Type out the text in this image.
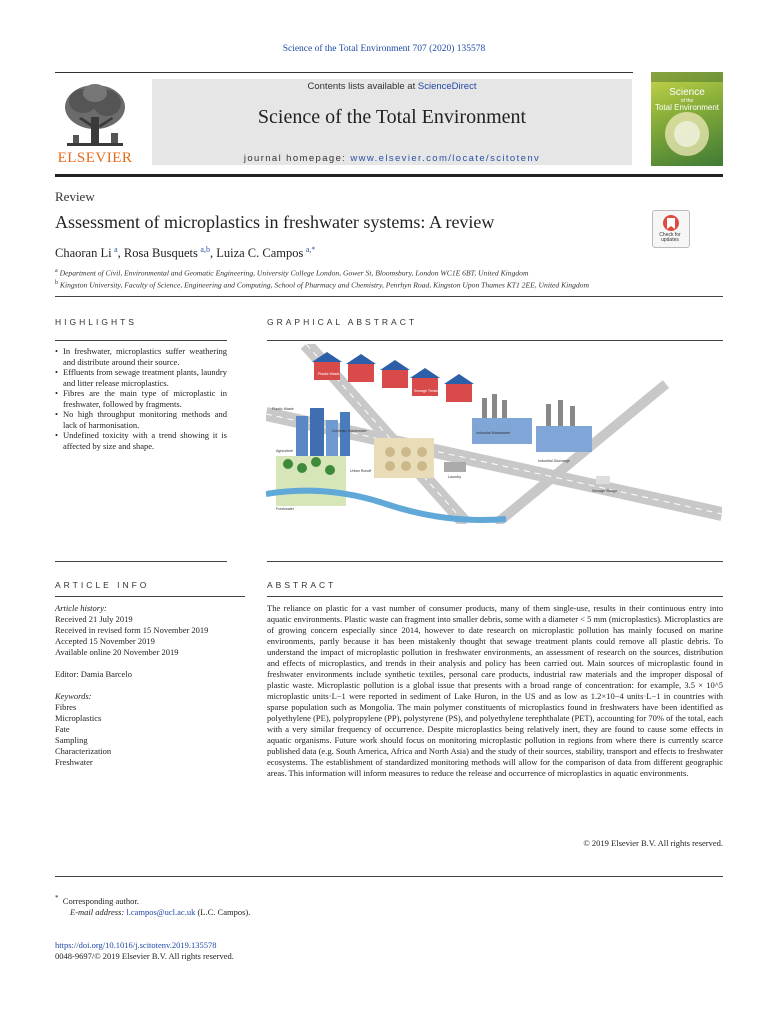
Science of the Total Environment 707 (2020) 135578
Contents lists available at ScienceDirect
Science of the Total Environment
journal homepage: www.elsevier.com/locate/scitotenv
ELSEVIER
Science
of the
Total Environment
Review
Assessment of microplastics in freshwater systems: A review
Check for
updates
Chaoran Li  $^a$, Rosa Busquets  $^{a,b}$, Luiza C. Campos  $^{a,*}$
$^a$ Department of Civil, Environmental and Geomatic Engineering, University College London, Gower St, Bloomsbury, London WC1E 6BT, United Kingdom
$^b$ Kingston University, Faculty of Science, Engineering and Computing, School of Pharmacy and Chemistry, Penrhyn Road, Kingston Upon Thames KT1 2EE, United Kingdom
HIGHLIGHTS
• In freshwater, microplastics suffer weathering and distribute around their source.
• Effluents from sewage treatment plants, laundry and litter release microplastics.
• Fibres are the main type of microplastic in freshwater, followed by fragments.
• No high throughput monitoring methods and lack of harmonisation.
• Undefined toxicity with a trend showing it is affected by size and shape.
GRAPHICAL ABSTRACT
Plastic Waste
Plastic Waste
Sewage Treatment
Domestic Wastewater	Industrial Wastewater
Laundry
Agriculture
Urban Runoff
Freshwater
Industrial Discharge
Sewage Sludge
ARTICLE INFO
Article history:
Received 21 July 2019
Received in revised form 15 November 2019
Accepted 15 November 2019
Available online 20 November 2019
Editor: Damia Barcelo
Keywords:
Fibres
Microplastics
Fate
Sampling
Characterization
Freshwater
ABSTRACT
The reliance on plastic for a vast number of consumer products, many of them single-use, results in their continuous entry into aquatic environments. Plastic waste can fragment into smaller debris, some with a diameter < 5 mm (microplastics). Microplastics are of growing concern especially since 2014, however to date research on microplastic pollution has mainly focused on marine environments, partly because it has been mistakenly thought that sewage treatment plants could remove all plastic debris. To understand the impact of microplastic pollution in freshwater environments, an assessment of research on the sources, distribution and effects of microplastics, and trends in their analysis and policy has been carried out. Main sources of microplastic found in freshwater environments include synthetic textiles, personal care products, industrial raw materials and the improper disposal of plastic waste. Microplastic pollution is a global issue that presents with a broad range of concentration: for example, 3.5 × 10^5 microplastic units·L−1 were reported in sediment of Lake Huron, in the US and as low as 1.2×10−4 units·L−1 in countries with sparse population such as Mongolia. The main polymer constituents of microplastics found in freshwaters have been identified as polyethylene (PE), polypropylene (PP), polystyrene (PS), and polyethylene terephthalate (PET), accounting for 70% of the total, each with a very similar frequency of occurrence. Despite microplastics being relatively inert, they are found to cause some effects in aquatic organisms. Future work should focus on monitoring microplastic pollution in regions from where there is currently scarce published data (e.g. South America, Africa and North Asia) and the study of their sources, stability, transport and effects to freshwater ecosystems. The establishment of standardized monitoring methods will allow for the comparison of data from different geographic areas. This information will inform measures to reduce the release and occurrence of microplastics in aquatic environments.
© 2019 Elsevier B.V. All rights reserved.
* Corresponding author.
E-mail address: l.campos@ucl.ac.uk (L.C. Campos).
https://doi.org/10.1016/j.scitotenv.2019.135578
0048-9697/© 2019 Elsevier B.V. All rights reserved.
